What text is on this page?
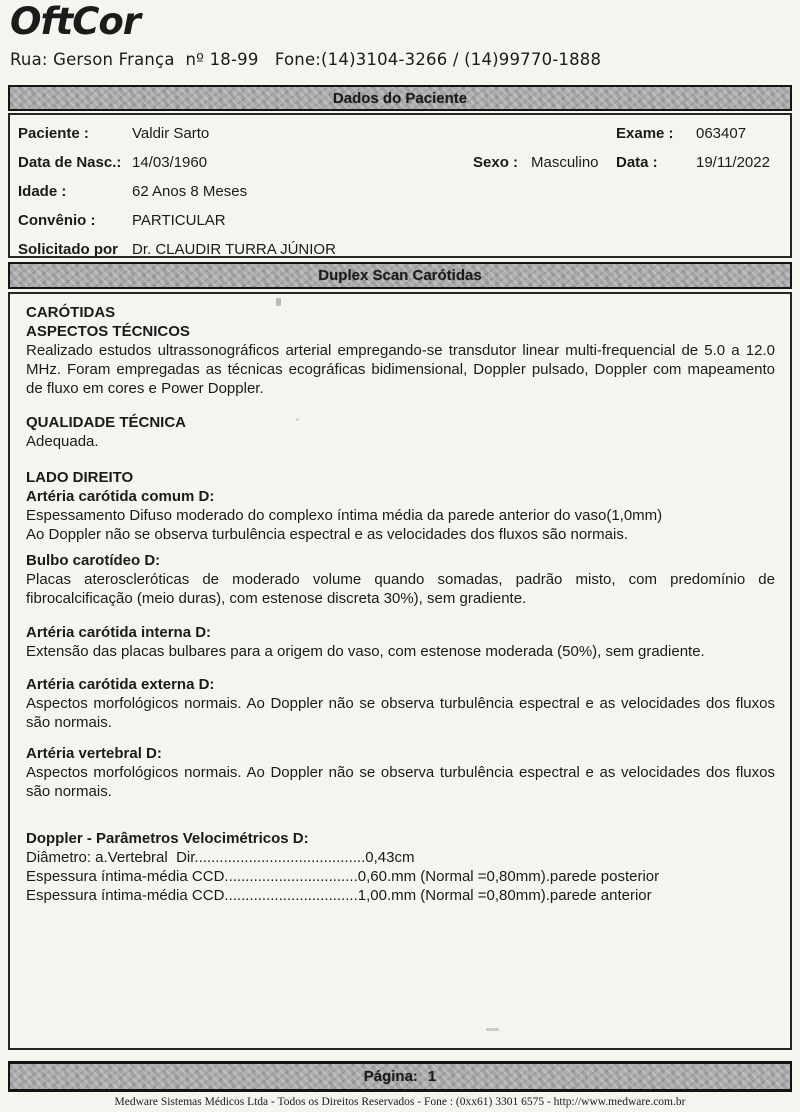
OftCor
Rua: Gerson França  nº 18-99   Fone:(14)3104-3266 / (14)99770-1888
Dados do Paciente
Paciente :	Valdir Sarto	Exame : 063407
Data de Nasc.: 14/03/1960	Sexo : Masculino Data :	19/11/2022
Idade :	62 Anos 8 Meses
Convênio : PARTICULAR
Solicitado por Dr. CLAUDIR TURRA JÚNIOR
Duplex Scan Carótidas
CARÓTIDAS
ASPECTOS TÉCNICOS
Realizado estudos ultrassonográficos arterial empregando-se transdutor linear multi-frequencial de 5.0 a 12.0 MHz. Foram empregadas as técnicas ecográficas bidimensional, Doppler pulsado, Doppler com mapeamento de fluxo em cores e Power Doppler.
QUALIDADE TÉCNICA
Adequada.
LADO DIREITO
Artéria carótida comum D:
Espessamento Difuso moderado do complexo íntima média da parede anterior do vaso(1,0mm)
Ao Doppler não se observa turbulência espectral e as velocidades dos fluxos são normais.
Bulbo carotídeo D:
Placas ateroscleróticas de moderado volume quando somadas, padrão misto, com predomínio de fibrocalcificação (meio duras), com estenose discreta 30%), sem gradiente.
Artéria carótida interna D:
Extensão das placas bulbares para a origem do vaso, com estenose moderada (50%), sem gradiente.
Artéria carótida externa D:
Aspectos morfológicos normais. Ao Doppler não se observa turbulência espectral e as velocidades dos fluxos são normais.
Artéria vertebral D:
Aspectos morfológicos normais. Ao Doppler não se observa turbulência espectral e as velocidades dos fluxos são normais.
Doppler - Parâmetros Velocimétricos D:
Diâmetro: a.Vertebral  Dir.........................................0,43cm
Espessura íntima-média CCD................................0,60.mm (Normal =0,80mm).parede posterior
Espessura íntima-média CCD................................1,00.mm (Normal =0,80mm).parede anterior
Página: 1
Medware Sistemas Médicos Ltda - Todos os Direitos Reservados - Fone : (0xx61) 3301 6575 - http://www.medware.com.br
